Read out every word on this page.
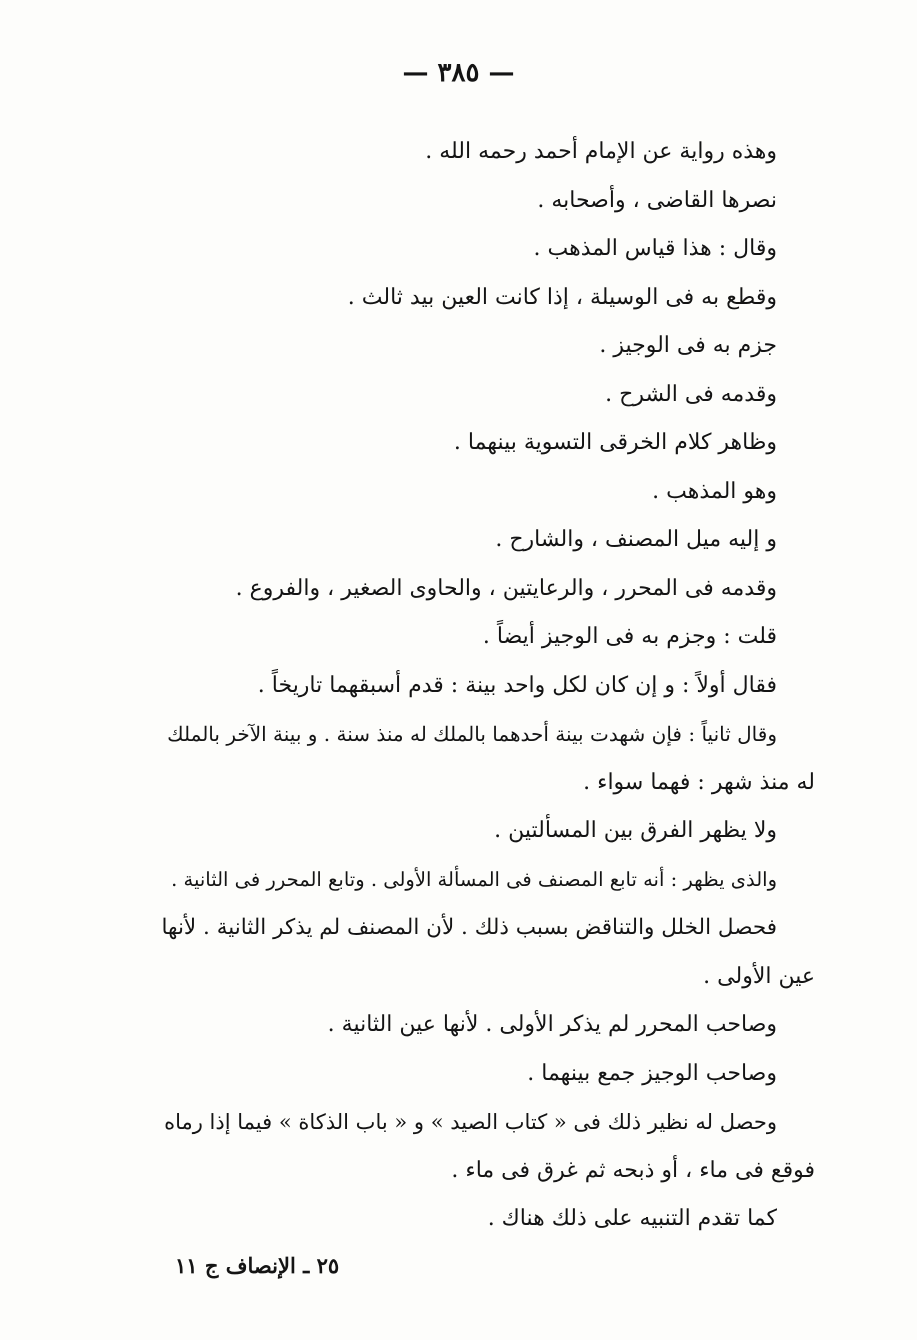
— ٣٨٥ —
وهذه رواية عن الإمام أحمد رحمه الله .
نصرها القاضى ، وأصحابه .
وقال : هذا قياس المذهب .
وقطع به فى الوسيلة ، إذا كانت العين بيد ثالث .
جزم به فى الوجيز .
وقدمه فى الشرح .
وظاهر كلام الخرقى التسوية بينهما .
وهو المذهب .
و إليه ميل المصنف ، والشارح .
وقدمه فى المحرر ، والرعايتين ، والحاوى الصغير ، والفروع .
قلت : وجزم به فى الوجيز أيضاً .
فقال أولاً : و إن كان لكل واحد بينة : قدم أسبقهما تاريخاً .
وقال ثانياً : فإن شهدت بينة أحدهما بالملك له منذ سنة . و بينة الآخر بالملك
له منذ شهر : فهما سواء .
ولا يظهر الفرق بين المسألتين .
والذى يظهر : أنه تابع المصنف فى المسألة الأولى . وتابع المحرر فى الثانية .
فحصل الخلل والتناقض بسبب ذلك . لأن المصنف لم يذكر الثانية . لأنها
عين الأولى .
وصاحب المحرر لم يذكر الأولى . لأنها عين الثانية .
وصاحب الوجيز جمع بينهما .
وحصل له نظير ذلك فى « كتاب الصيد » و « باب الذكاة » فيما إذا رماه
فوقع فى ماء ، أو ذبحه ثم غرق فى ماء .
كما تقدم التنبيه على ذلك هناك .
٢٥ ـ الإنصاف ج ١١
